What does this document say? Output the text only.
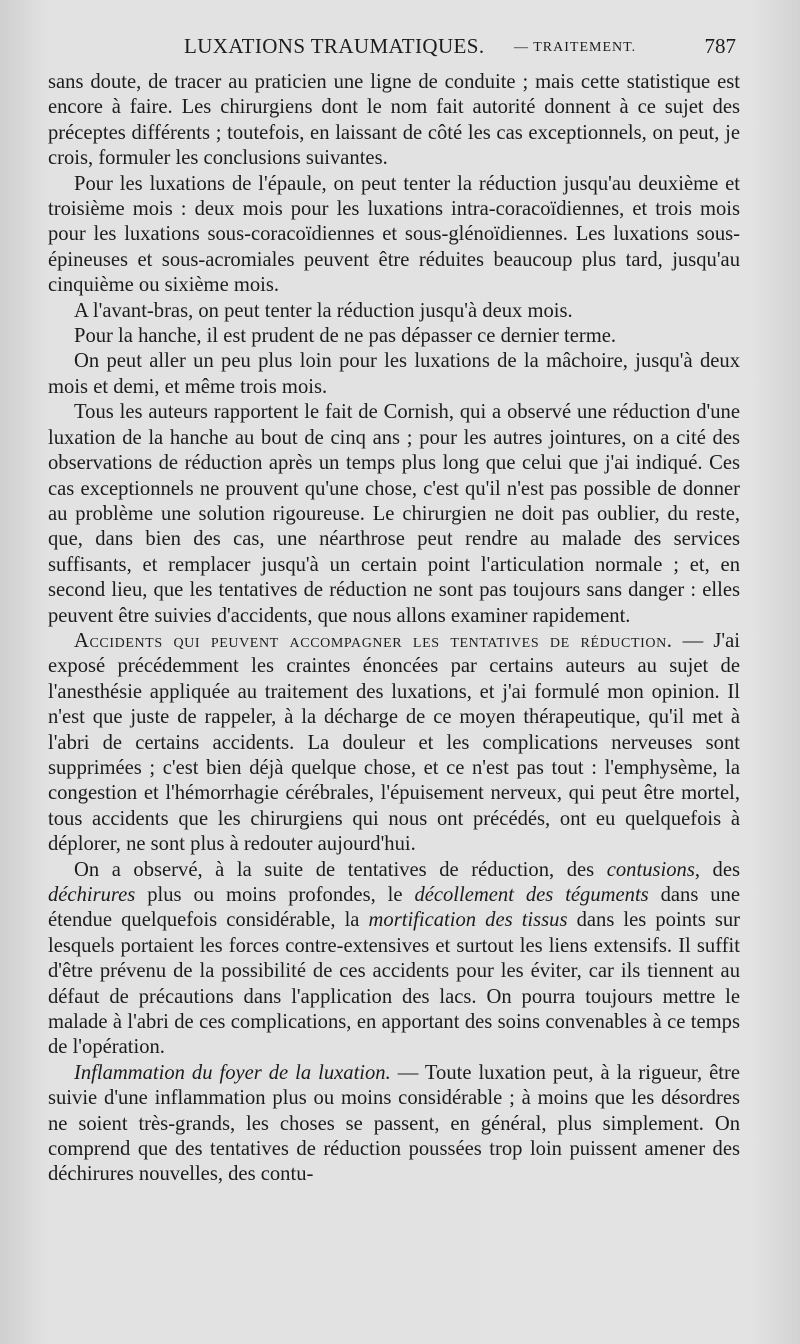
LUXATIONS TRAUMATIQUES. — TRAITEMENT.	787

sans doute, de tracer au praticien une ligne de conduite ; mais cette statistique est encore à faire. Les chirurgiens dont le nom fait autorité donnent à ce sujet des préceptes différents ; toutefois, en laissant de côté les cas exceptionnels, on peut, je crois, formuler les conclusions suivantes.

Pour les luxations de l'épaule, on peut tenter la réduction jusqu'au deuxième et troisième mois : deux mois pour les luxations intra-coracoïdiennes, et trois mois pour les luxations sous-coracoïdiennes et sous-glénoïdiennes. Les luxations sous-épineuses et sous-acromiales peuvent être réduites beaucoup plus tard, jusqu'au cinquième ou sixième mois.

A l'avant-bras, on peut tenter la réduction jusqu'à deux mois.

Pour la hanche, il est prudent de ne pas dépasser ce dernier terme.

On peut aller un peu plus loin pour les luxations de la mâchoire, jusqu'à deux mois et demi, et même trois mois.

Tous les auteurs rapportent le fait de Cornish, qui a observé une réduction d'une luxation de la hanche au bout de cinq ans ; pour les autres jointures, on a cité des observations de réduction après un temps plus long que celui que j'ai indiqué. Ces cas exceptionnels ne prouvent qu'une chose, c'est qu'il n'est pas possible de donner au problème une solution rigoureuse. Le chirurgien ne doit pas oublier, du reste, que, dans bien des cas, une néarthrose peut rendre au malade des services suffisants, et remplacer jusqu'à un certain point l'articulation normale ; et, en second lieu, que les tentatives de réduction ne sont pas toujours sans danger : elles peuvent être suivies d'accidents, que nous allons examiner rapidement.

Accidents qui peuvent accompagner les tentatives de réduction. — J'ai exposé précédemment les craintes énoncées par certains auteurs au sujet de l'anesthésie appliquée au traitement des luxations, et j'ai formulé mon opinion. Il n'est que juste de rappeler, à la décharge de ce moyen thérapeutique, qu'il met à l'abri de certains accidents. La douleur et les complications nerveuses sont supprimées ; c'est bien déjà quelque chose, et ce n'est pas tout : l'emphysème, la congestion et l'hémorrhagie cérébrales, l'épuisement nerveux, qui peut être mortel, tous accidents que les chirurgiens qui nous ont précédés, ont eu quelquefois à déplorer, ne sont plus à redouter aujourd'hui.

On a observé, à la suite de tentatives de réduction, des contusions, des déchirures plus ou moins profondes, le décollement des téguments dans une étendue quelquefois considérable, la mortification des tissus dans les points sur lesquels portaient les forces contre-extensives et surtout les liens extensifs. Il suffit d'être prévenu de la possibilité de ces accidents pour les éviter, car ils tiennent au défaut de précautions dans l'application des lacs. On pourra toujours mettre le malade à l'abri de ces complications, en apportant des soins convenables à ce temps de l'opération.

Inflammation du foyer de la luxation. — Toute luxation peut, à la rigueur, être suivie d'une inflammation plus ou moins considérable ; à moins que les désordres ne soient très-grands, les choses se passent, en général, plus simplement. On comprend que des tentatives de réduction poussées trop loin puissent amener des déchirures nouvelles, des contu-
